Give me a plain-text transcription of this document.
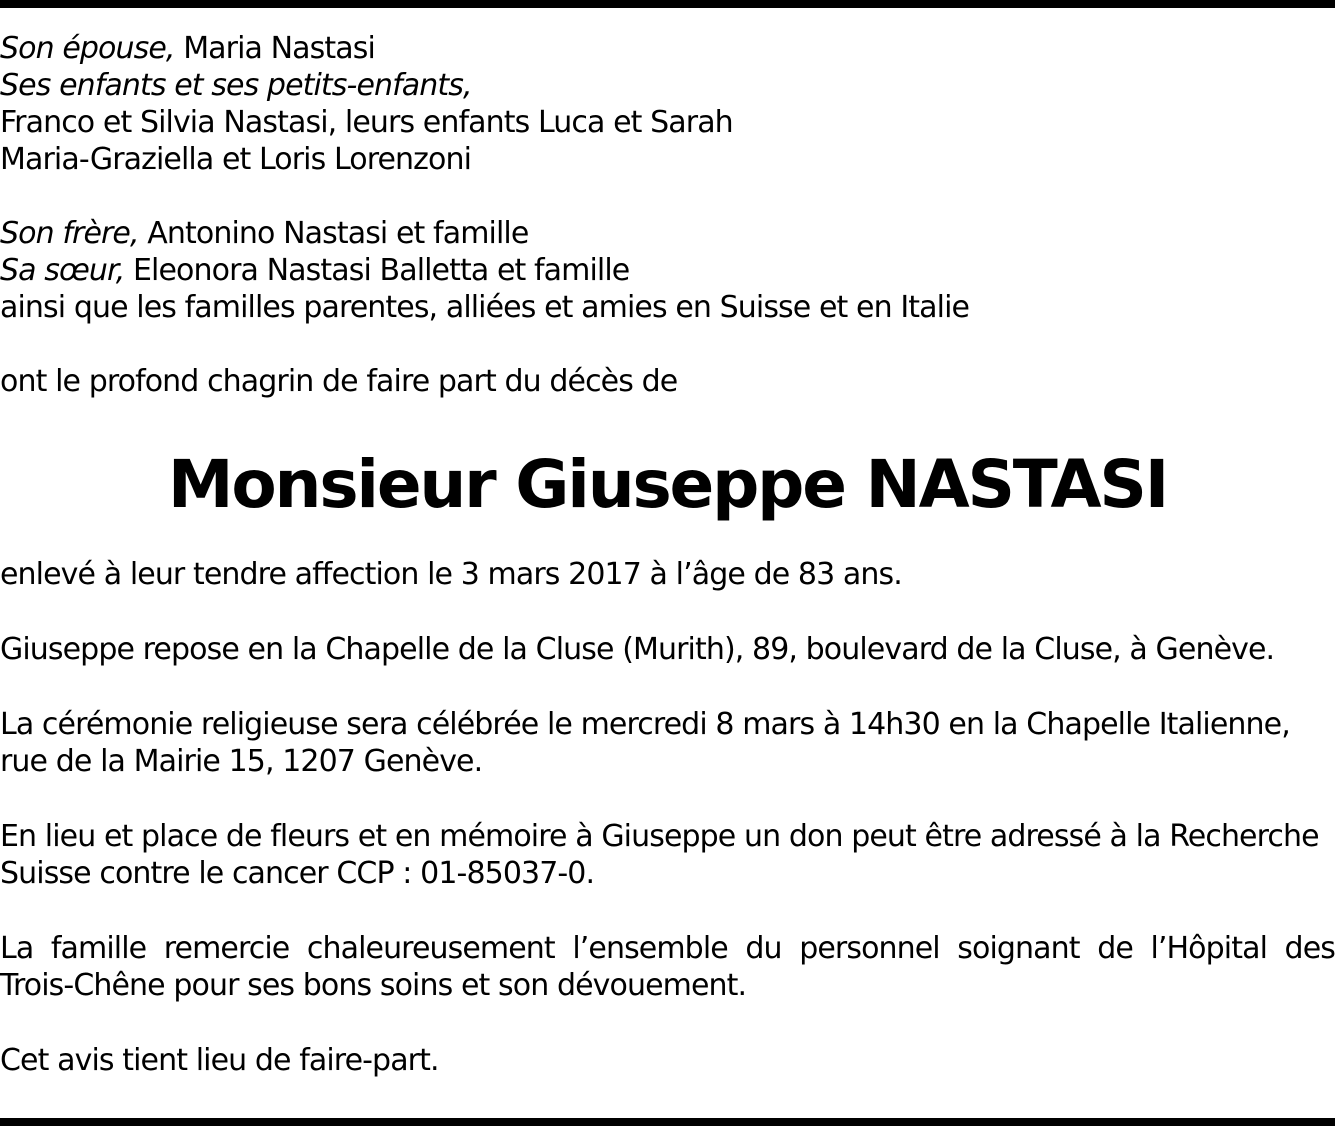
Son épouse, Maria Nastasi

Ses enfants et ses petits-enfants,

Franco et Silvia Nastasi, leurs enfants Luca et Sarah

Maria-Graziella et Loris Lorenzoni

Son frère, Antonino Nastasi et famille

Sa sœur, Eleonora Nastasi Balletta et famille

ainsi que les familles parentes, alliées et amies en Suisse et en Italie

ont le profond chagrin de faire part du décès de

Monsieur Giuseppe NASTASI

enlevé à leur tendre affection le 3 mars 2017 à l’âge de 83 ans.

Giuseppe repose en la Chapelle de la Cluse (Murith), 89, boulevard de la Cluse, à Genève.

La cérémonie religieuse sera célébrée le mercredi 8 mars à 14h30 en la Chapelle Italienne,

rue de la Mairie 15, 1207 Genève.

En lieu et place de fleurs et en mémoire à Giuseppe un don peut être adressé à la Recherche

Suisse contre le cancer CCP : 01-85037-0.

La famille remercie chaleureusement l’ensemble du personnel soignant de l’Hôpital des

Trois-Chêne pour ses bons soins et son dévouement.

Cet avis tient lieu de faire-part.
